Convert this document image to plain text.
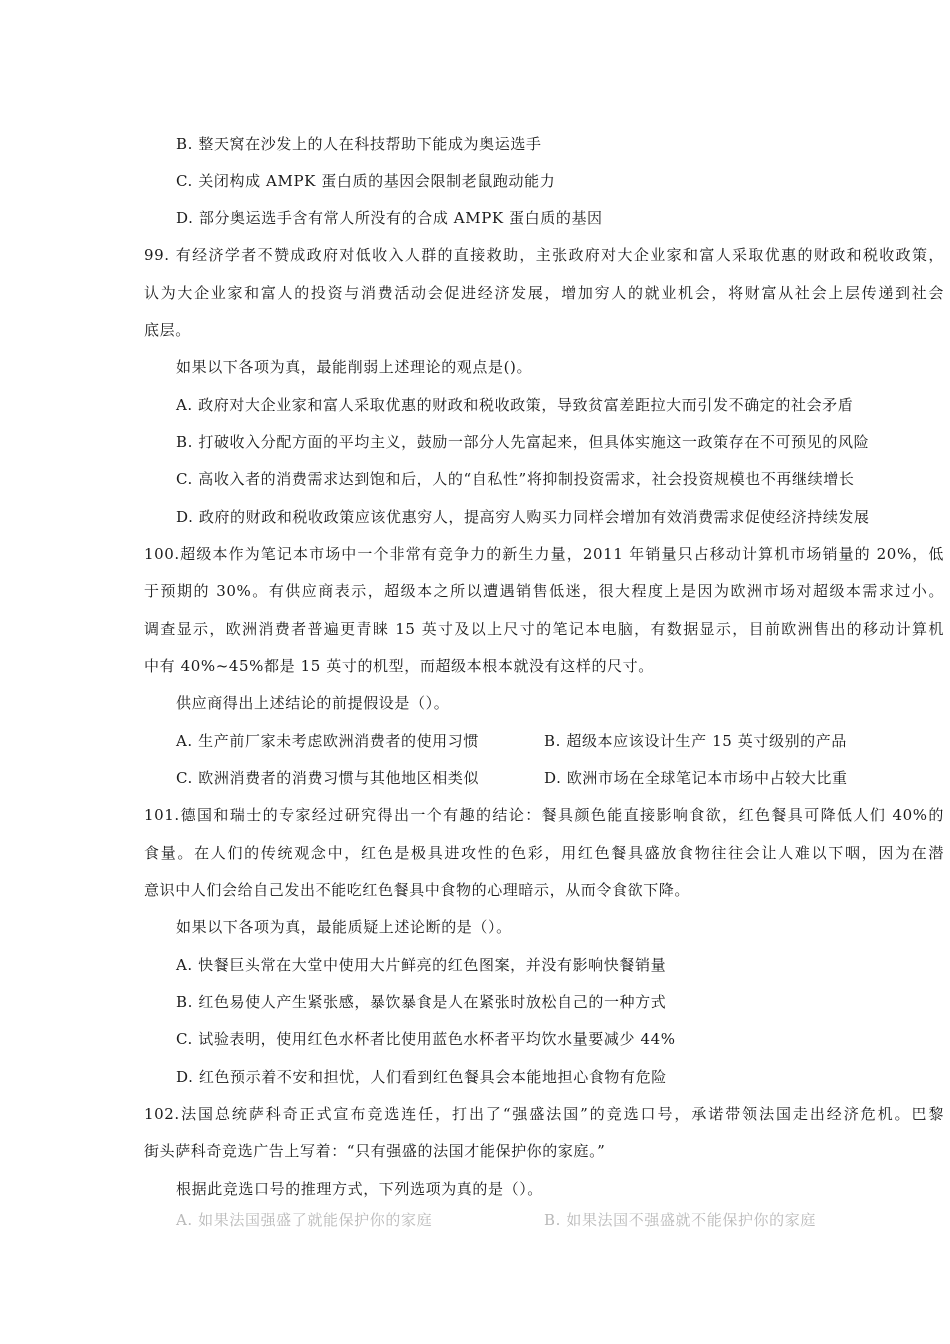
B. 整天窝在沙发上的人在科技帮助下能成为奥运选手
C. 关闭构成 AMPK 蛋白质的基因会限制老鼠跑动能力
D. 部分奥运选手含有常人所没有的合成 AMPK 蛋白质的基因
99. 有经济学者不赞成政府对低收入人群的直接救助，主张政府对大企业家和富人采取优惠的财政和税收政策，
认为大企业家和富人的投资与消费活动会促进经济发展，增加穷人的就业机会，将财富从社会上层传递到社会
底层。
如果以下各项为真，最能削弱上述理论的观点是()。
A. 政府对大企业家和富人采取优惠的财政和税收政策，导致贫富差距拉大而引发不确定的社会矛盾
B. 打破收入分配方面的平均主义，鼓励一部分人先富起来，但具体实施这一政策存在不可预见的风险
C. 高收入者的消费需求达到饱和后，人的“自私性”将抑制投资需求，社会投资规模也不再继续增长
D. 政府的财政和税收政策应该优惠穷人，提高穷人购买力同样会增加有效消费需求促使经济持续发展
100.超级本作为笔记本市场中一个非常有竞争力的新生力量，2011 年销量只占移动计算机市场销量的 20%，低
于预期的 30%。有供应商表示，超级本之所以遭遇销售低迷，很大程度上是因为欧洲市场对超级本需求过小。
调查显示，欧洲消费者普遍更青睐 15 英寸及以上尺寸的笔记本电脑，有数据显示，目前欧洲售出的移动计算机
中有 40%~45%都是 15 英寸的机型，而超级本根本就没有这样的尺寸。
供应商得出上述结论的前提假设是（）。
A. 生产前厂家未考虑欧洲消费者的使用习惯	B. 超级本应该设计生产 15 英寸级别的产品
C. 欧洲消费者的消费习惯与其他地区相类似	D. 欧洲市场在全球笔记本市场中占较大比重
101.德国和瑞士的专家经过研究得出一个有趣的结论：餐具颜色能直接影响食欲，红色餐具可降低人们 40%的
食量。在人们的传统观念中，红色是极具进攻性的色彩，用红色餐具盛放食物往往会让人难以下咽，因为在潜
意识中人们会给自己发出不能吃红色餐具中食物的心理暗示，从而令食欲下降。
如果以下各项为真，最能质疑上述论断的是（）。
A. 快餐巨头常在大堂中使用大片鲜亮的红色图案，并没有影响快餐销量
B. 红色易使人产生紧张感，暴饮暴食是人在紧张时放松自己的一种方式
C. 试验表明，使用红色水杯者比使用蓝色水杯者平均饮水量要减少 44%
D. 红色预示着不安和担忧，人们看到红色餐具会本能地担心食物有危险
102.法国总统萨科奇正式宣布竞选连任，打出了“强盛法国”的竞选口号，承诺带领法国走出经济危机。巴黎
街头萨科奇竞选广告上写着：“只有强盛的法国才能保护你的家庭。”
根据此竞选口号的推理方式，下列选项为真的是（）。
A. 如果法国强盛了就能保护你的家庭	B. 如果法国不强盛就不能保护你的家庭
